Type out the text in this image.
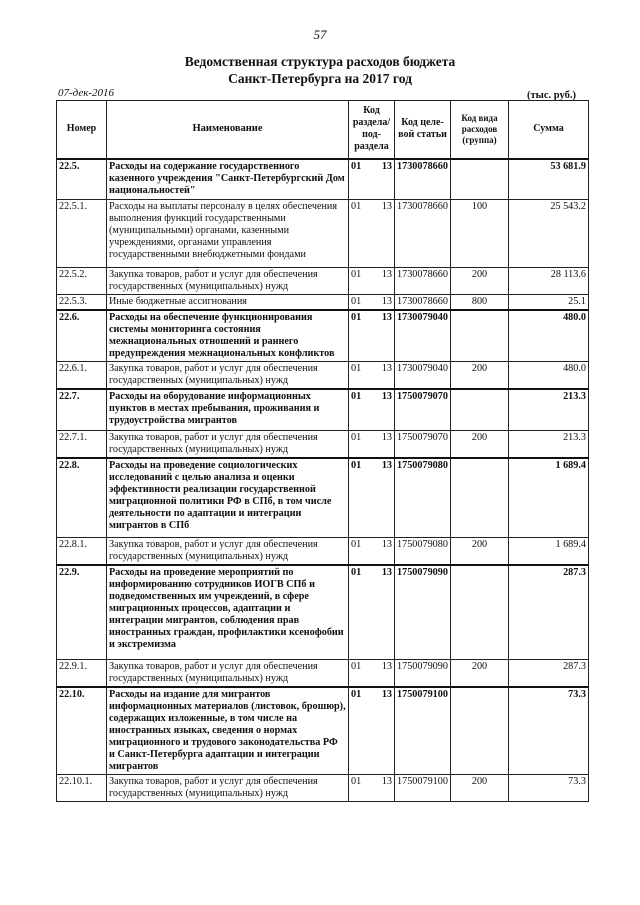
57
Ведомственная структура расходов бюджета
Санкт-Петербурга на 2017 год
07-дек-2016	(тыс. руб.)
Номер	Наименование	Код раздела/ под-раздела	Код целе-вой статьи	Код вида расходов (группа)	Сумма
22.5.	Расходы на содержание государственного казенного учреждения "Санкт-Петербургский Дом национальностей"	01 13	1730078660		53 681.9
22.5.1.	Расходы на выплаты персоналу в целях обеспечения выполнения функций государственными (муниципальными) органами, казенными учреждениями, органами управления государственными внебюджетными фондами	01 13	1730078660	100	25 543.2
22.5.2.	Закупка товаров, работ и услуг для обеспечения государственных (муниципальных) нужд	01 13	1730078660	200	28 113.6
22.5.3.	Иные бюджетные ассигнования	01 13	1730078660	800	25.1
22.6.	Расходы на обеспечение функционирования системы мониторинга состояния межнациональных отношений и раннего предупреждения межнациональных конфликтов	01 13	1730079040		480.0
22.6.1.	Закупка товаров, работ и услуг для обеспечения государственных (муниципальных) нужд	01 13	1730079040	200	480.0
22.7.	Расходы на оборудование информационных пунктов в местах пребывания, проживания и трудоустройства мигрантов	01 13	1750079070		213.3
22.7.1.	Закупка товаров, работ и услуг для обеспечения государственных (муниципальных) нужд	01 13	1750079070	200	213.3
22.8.	Расходы на проведение социологических исследований с целью анализа и оценки эффективности реализации государственной миграционной политики РФ в СПб, в том числе деятельности по адаптации и интеграции мигрантов в СПб	01 13	1750079080		1 689.4
22.8.1.	Закупка товаров, работ и услуг для обеспечения государственных (муниципальных) нужд	01 13	1750079080	200	1 689.4
22.9.	Расходы на проведение мероприятий по информированию сотрудников ИОГВ СПб и подведомственных им учреждений, в сфере миграционных процессов, адаптации и интеграции мигрантов, соблюдения прав иностранных граждан, профилактики ксенофобии и экстремизма	01 13	1750079090		287.3
22.9.1.	Закупка товаров, работ и услуг для обеспечения государственных (муниципальных) нужд	01 13	1750079090	200	287.3
22.10.	Расходы на издание для мигрантов информационных материалов (листовок, брошюр), содержащих изложенные, в том числе на иностранных языках, сведения о нормах миграционного и трудового законодательства РФ и Санкт-Петербурга адаптации и интеграции мигрантов	01 13	1750079100		73.3
22.10.1.	Закупка товаров, работ и услуг для обеспечения государственных (муниципальных) нужд	01 13	1750079100	200	73.3
